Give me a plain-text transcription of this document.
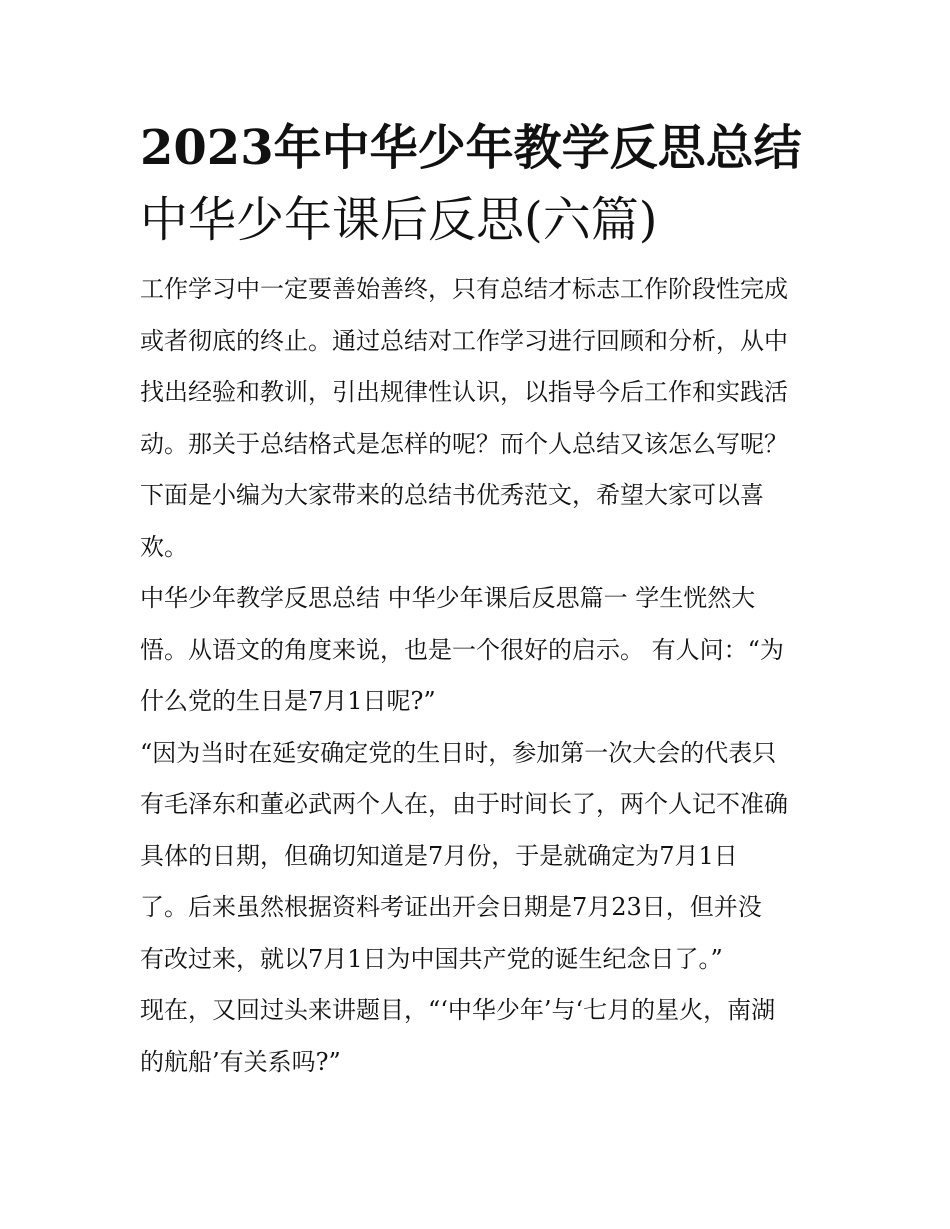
2023年中华少年教学反思总结
中华少年课后反思(六篇)

工作学习中一定要善始善终，只有总结才标志工作阶段性完成
或者彻底的终止。通过总结对工作学习进行回顾和分析，从中
找出经验和教训，引出规律性认识，以指导今后工作和实践活
动。那关于总结格式是怎样的呢？而个人总结又该怎么写呢？
下面是小编为大家带来的总结书优秀范文，希望大家可以喜
欢。

中华少年教学反思总结 中华少年课后反思篇一 学生恍然大
悟。从语文的角度来说，也是一个很好的启示。 有人问：“为
什么党的生日是7月1日呢?”

“因为当时在延安确定党的生日时，参加第一次大会的代表只
有毛泽东和董必武两个人在，由于时间长了，两个人记不准确
具体的日期，但确切知道是7月份，于是就确定为7月1日
了。后来虽然根据资料考证出开会日期是7月23日，但并没
有改过来，就以7月1日为中国共产党的诞生纪念日了。”

现在，又回过头来讲题目，“‘中华少年’与‘七月的星火，南湖
的航船’有关系吗?”
